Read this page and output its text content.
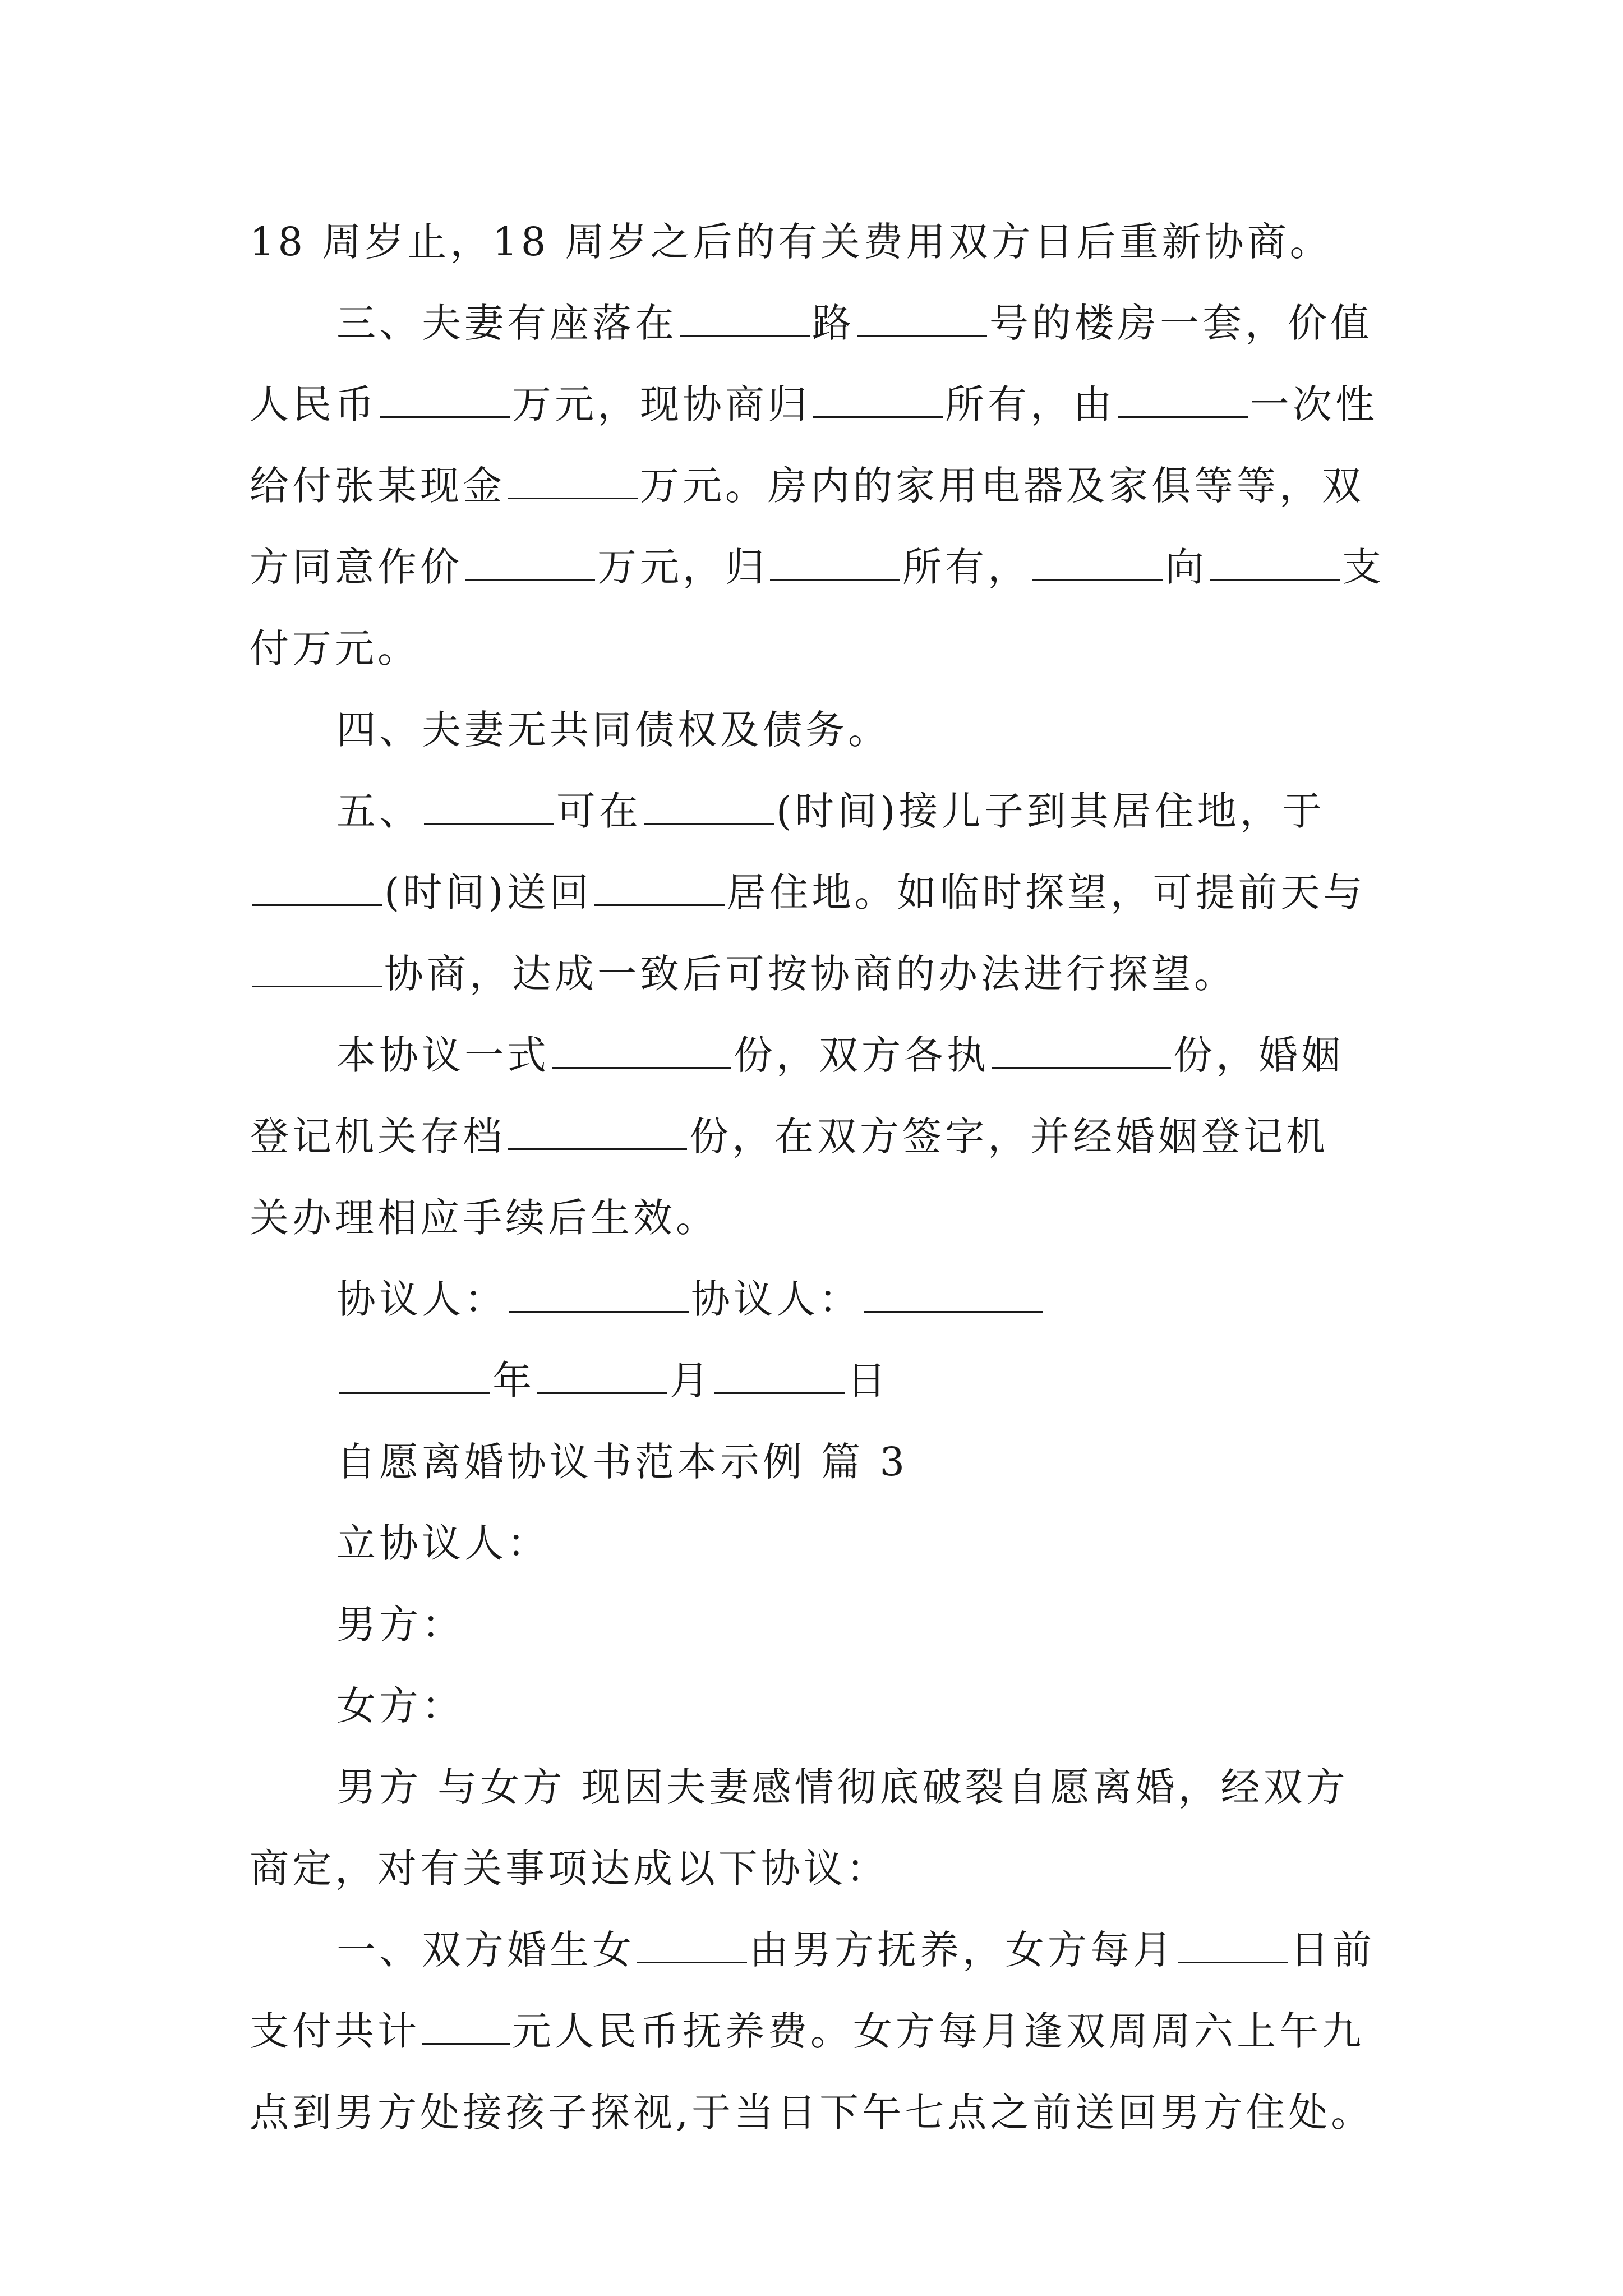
18 周岁止，18 周岁之后的有关费用双方日后重新协商。
三、夫妻有座落在	路	号的楼房一套，价值
人民币	万元，现协商归	所有，由	一次性
给付张某现金	万元。房内的家用电器及家俱等等，双
方同意作价	万元，归	所有，	向	支
付万元。
四、夫妻无共同债权及债务。
五、	可在	(时间)接儿子到其居住地，于
(时间)送回	居住地。如临时探望，可提前天与
协商，达成一致后可按协商的办法进行探望。
本协议一式	份，双方各执	份，婚姻
登记机关存档	份，在双方签字，并经婚姻登记机
关办理相应手续后生效。
协议人：	协议人：
年	月	日
自愿离婚协议书范本示例 篇 3
立协议人：
男方：
女方：
男方 与女方 现因夫妻感情彻底破裂自愿离婚，经双方
商定，对有关事项达成以下协议：
一、双方婚生女	由男方抚养，女方每月	日前
支付共计 元人民币抚养费。女方每月逢双周周六上午九
点到男方处接孩子探视,于当日下午七点之前送回男方住处。
